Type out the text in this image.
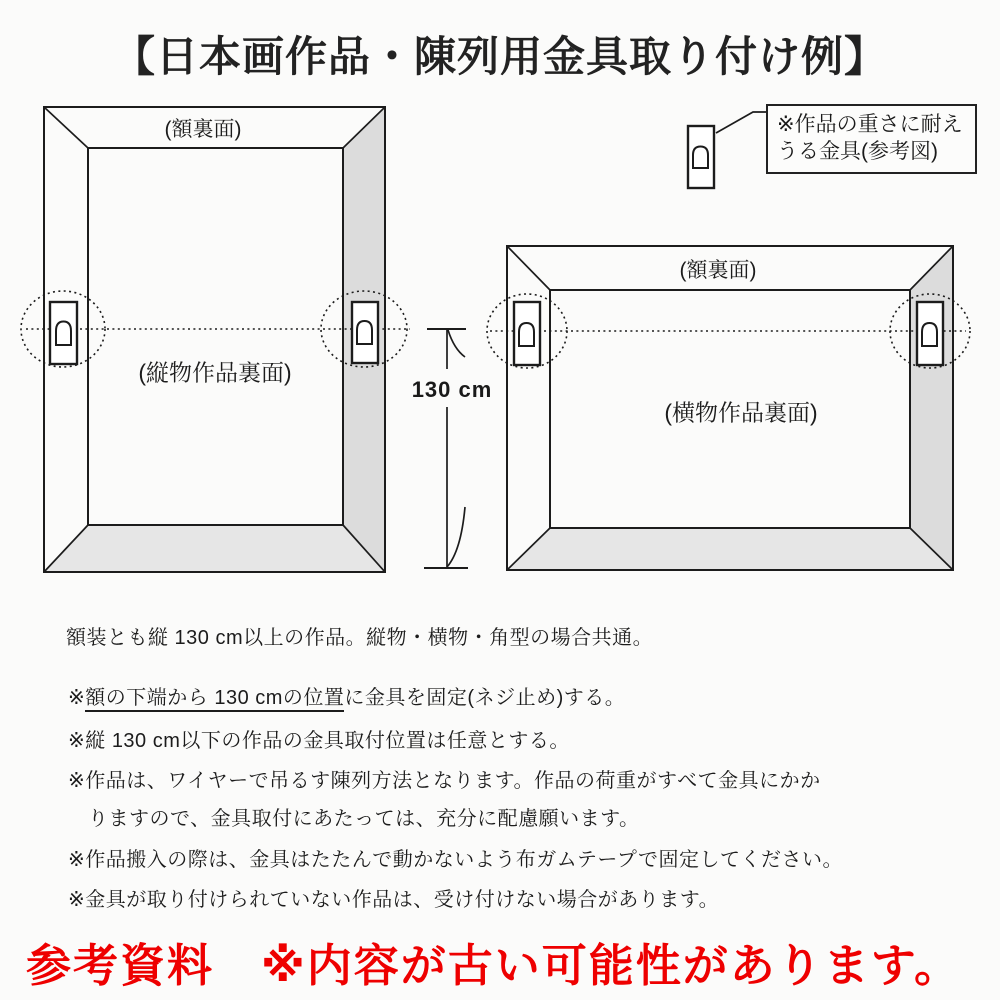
【日本画作品・陳列用金具取り付け例】
(額裏面)
(縦物作品裏面)
(額裏面)
(横物作品裏面)
130 cm
※作品の重さに耐え
うる金具(参考図)
額装とも縦 130 cm以上の作品。縦物・横物・角型の場合共通。
※額の下端から 130 cmの位置に金具を固定(ネジ止め)する。
※縦 130 cm以下の作品の金具取付位置は任意とする。
※作品は、ワイヤーで吊るす陳列方法となります。作品の荷重がすべて金具にかか
りますので、金具取付にあたっては、充分に配慮願います。
※作品搬入の際は、金具はたたんで動かないよう布ガムテープで固定してください。
※金具が取り付けられていない作品は、受け付けない場合があります。
参考資料　※内容が古い可能性があります。
